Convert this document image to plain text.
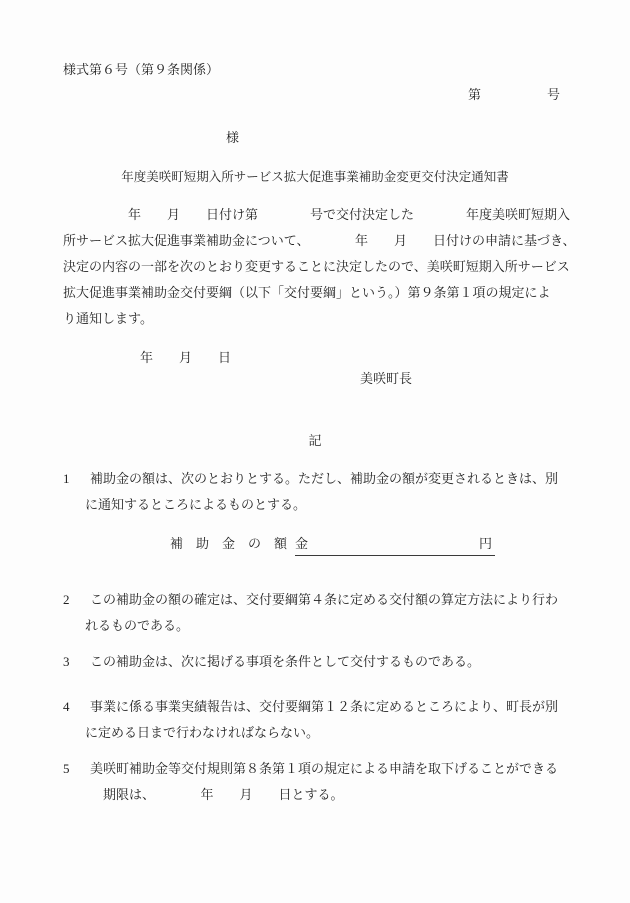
様式第６号（第９条関係）
第	号
様
年度美咲町短期入所サービス拡大促進事業補助金変更交付決定通知書
　　　　　年　　月　　日付け第　　　　号で交付決定した　　　　年度美咲町短期入
所サービス拡大促進事業補助金について、　　　　年　　月　　日付けの申請に基づき、
決定の内容の一部を次のとおり変更することに決定したので、美咲町短期入所サービス
拡大促進事業補助金交付要綱（以下「交付要綱」という。）第９条第１項の規定によ
り通知します。
年　　月　　日
美咲町長
記
1 補助金の額は、次のとおりとする。ただし、補助金の額が変更されるときは、別
に通知するところによるものとする。
補　助　金　の　額 金	円
2 この補助金の額の確定は、交付要綱第４条に定める交付額の算定方法により行わ
れるものである。
3 この補助金は、次に掲げる事項を条件として交付するものである。
4 事業に係る事業実績報告は、交付要綱第１２条に定めるところにより、町長が別
に定める日まで行わなければならない。
5 美咲町補助金等交付規則第８条第１項の規定による申請を取下げることができる
期限は、　　　　年　　月　　日とする。
